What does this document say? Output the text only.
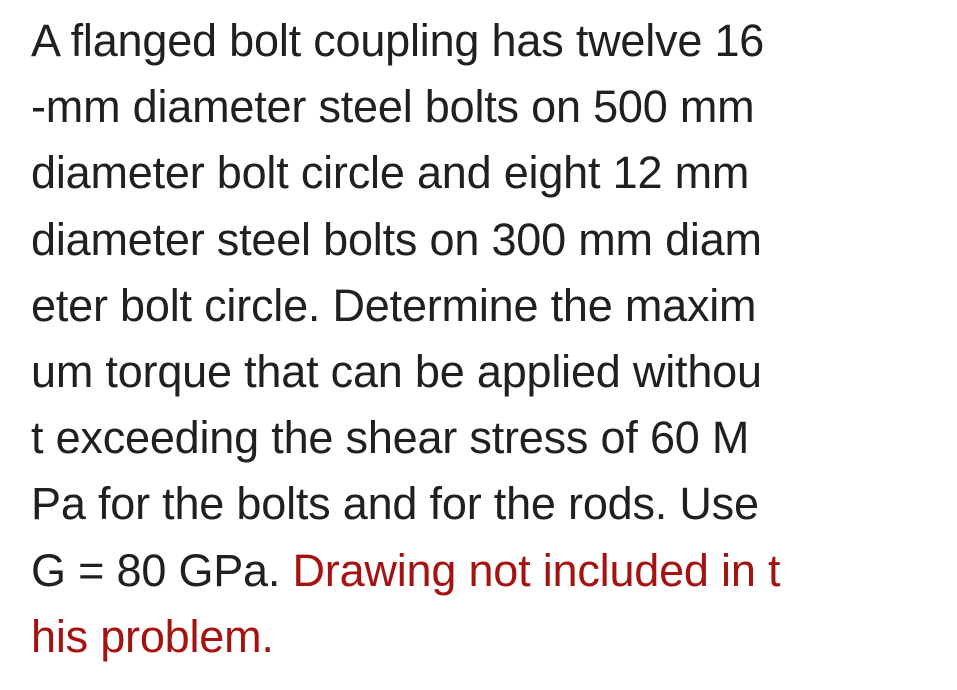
A flanged bolt coupling has twelve 16
-mm diameter steel bolts on 500 mm
diameter bolt circle and eight 12 mm
diameter steel bolts on 300 mm diam
eter bolt circle. Determine the maxim
um torque that can be applied withou
t exceeding the shear stress of 60 M
Pa for the bolts and for the rods. Use
G = 80 GPa. Drawing not included in t
his problem.
